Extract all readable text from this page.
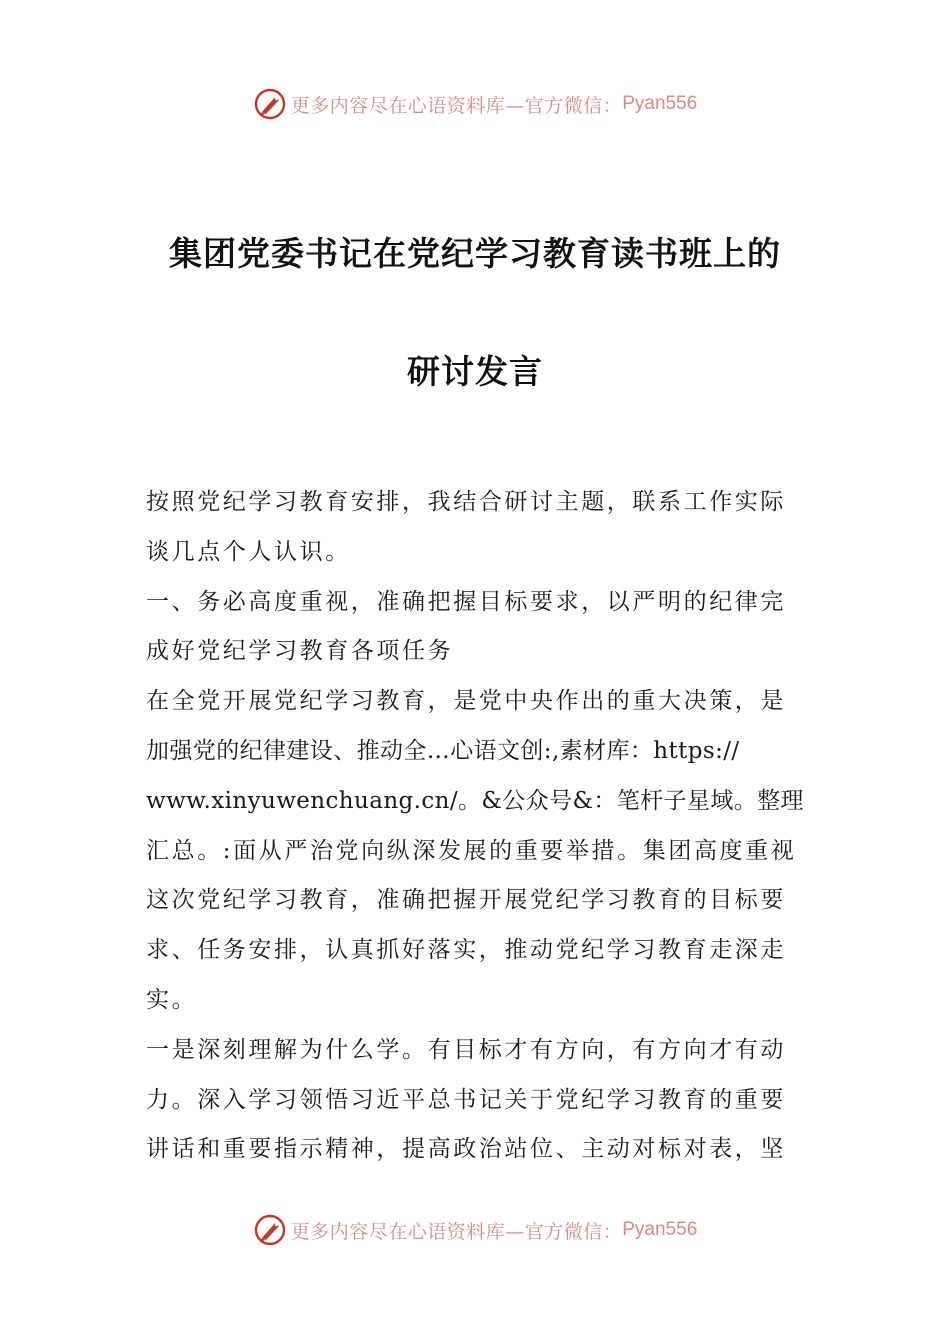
更多内容尽在心语资料库—官方微信： Pyan556
集团党委书记在党纪学习教育读书班上的
研讨发言
按照党纪学习教育安排，我结合研讨主题，联系工作实际
谈几点个人认识。
一、务必高度重视，准确把握目标要求，以严明的纪律完
成好党纪学习教育各项任务
在全党开展党纪学习教育，是党中央作出的重大决策，是
加强党的纪律建设、推动全…心语文创:,素材库：https://
www.xinyuwenchuang.cn/。&公众号&：笔杆子星域。整理
汇总。:面从严治党向纵深发展的重要举措。集团高度重视
这次党纪学习教育，准确把握开展党纪学习教育的目标要
求、任务安排，认真抓好落实，推动党纪学习教育走深走
实。
一是深刻理解为什么学。有目标才有方向，有方向才有动
力。深入学习领悟习近平总书记关于党纪学习教育的重要
讲话和重要指示精神，提高政治站位、主动对标对表，坚
更多内容尽在心语资料库—官方微信： Pyan556
